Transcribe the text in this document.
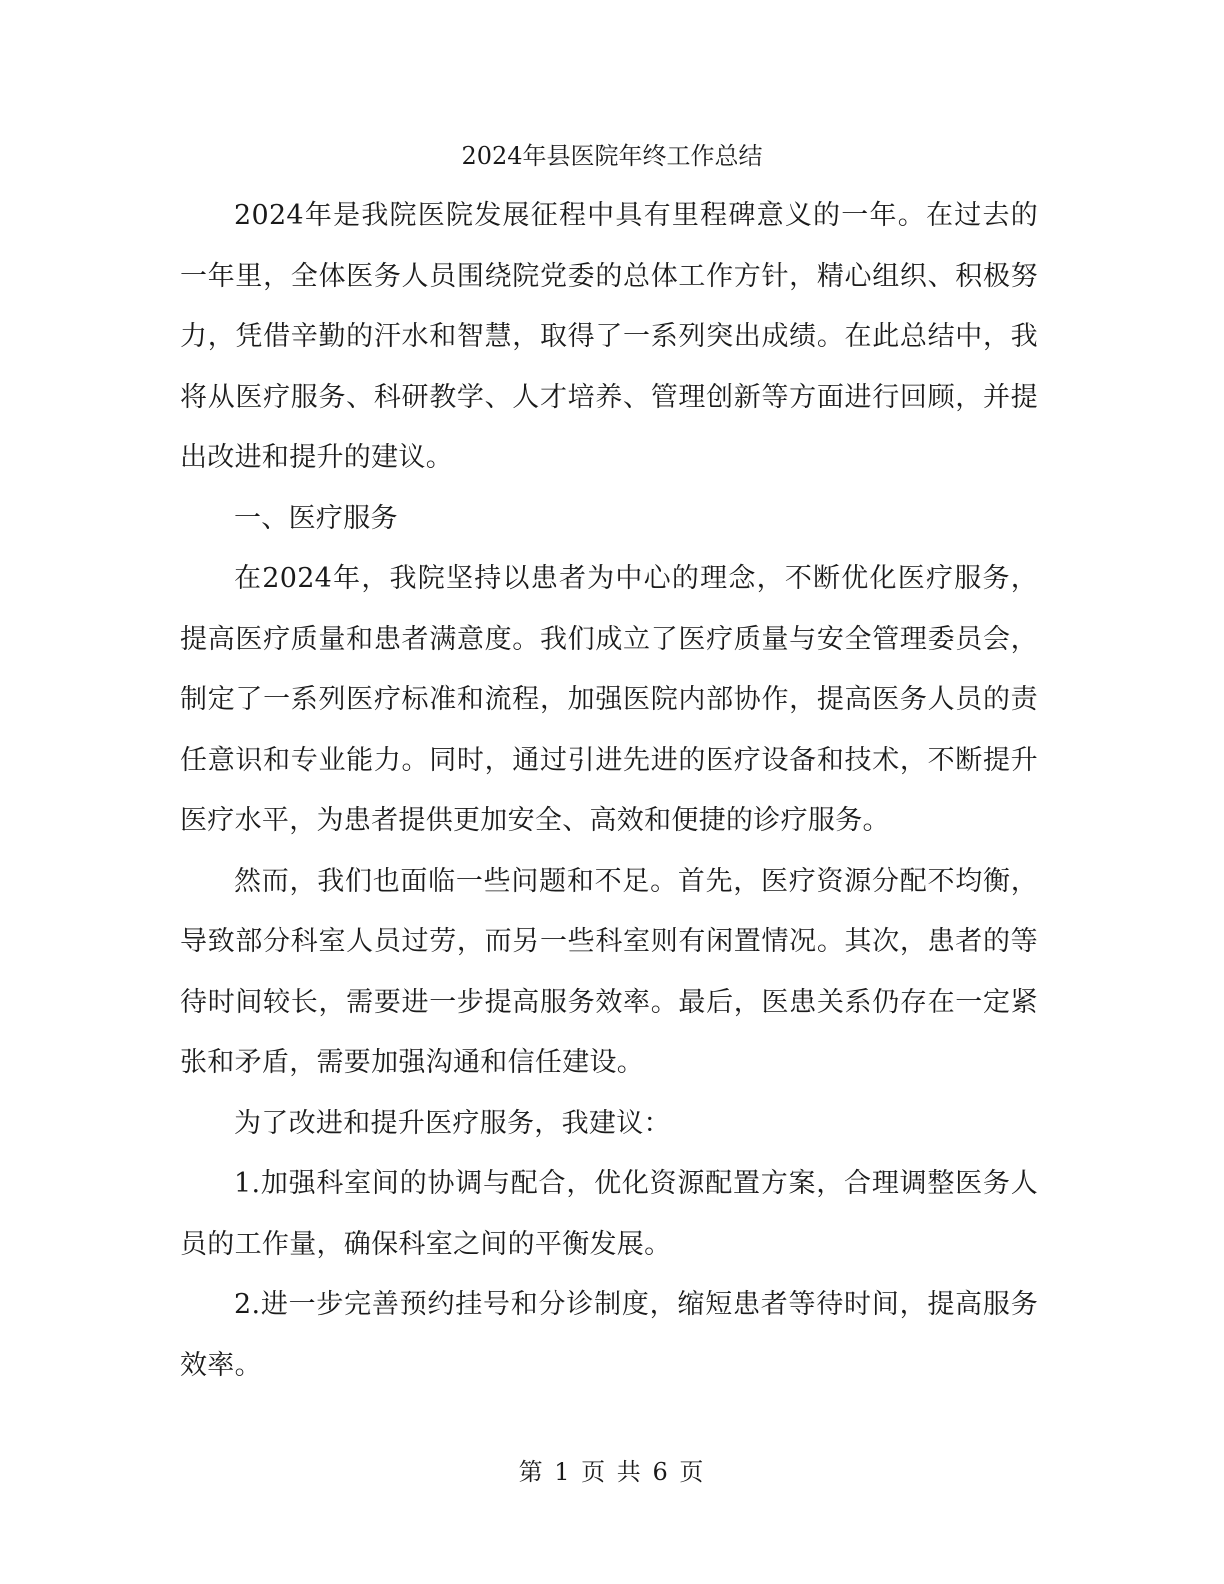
2024年县医院年终工作总结

2024年是我院医院发展征程中具有里程碑意义的一年。在过去的一年里，全体医务人员围绕院党委的总体工作方针，精心组织、积极努力，凭借辛勤的汗水和智慧，取得了一系列突出成绩。在此总结中，我将从医疗服务、科研教学、人才培养、管理创新等方面进行回顾，并提出改进和提升的建议。

一、医疗服务

在2024年，我院坚持以患者为中心的理念，不断优化医疗服务，提高医疗质量和患者满意度。我们成立了医疗质量与安全管理委员会，制定了一系列医疗标准和流程，加强医院内部协作，提高医务人员的责任意识和专业能力。同时，通过引进先进的医疗设备和技术，不断提升医疗水平，为患者提供更加安全、高效和便捷的诊疗服务。

然而，我们也面临一些问题和不足。首先，医疗资源分配不均衡，导致部分科室人员过劳，而另一些科室则有闲置情况。其次，患者的等待时间较长，需要进一步提高服务效率。最后，医患关系仍存在一定紧张和矛盾，需要加强沟通和信任建设。

为了改进和提升医疗服务，我建议：

1.加强科室间的协调与配合，优化资源配置方案，合理调整医务人员的工作量，确保科室之间的平衡发展。

2.进一步完善预约挂号和分诊制度，缩短患者等待时间，提高服务效率。

第 1 页 共 6 页
